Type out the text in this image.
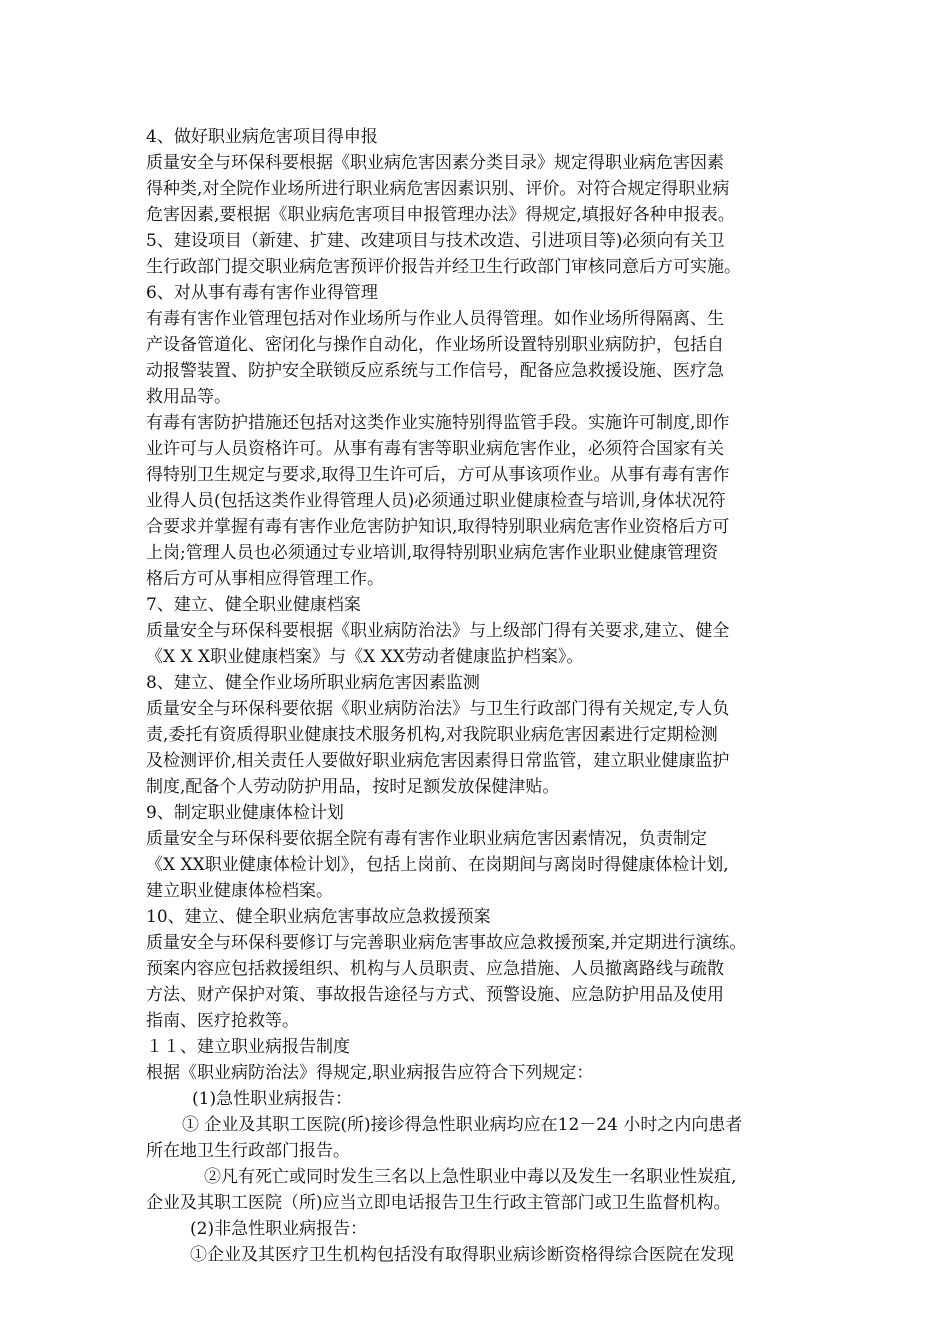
4、做好职业病危害项目得申报
质量安全与环保科要根据《职业病危害因素分类目录》规定得职业病危害因素
得种类,对全院作业场所进行职业病危害因素识别、评价。对符合规定得职业病
危害因素,要根据《职业病危害项目申报管理办法》得规定,填报好各种申报表。
5、建设项目（新建、扩建、改建项目与技术改造、引进项目等)必须向有关卫
生行政部门提交职业病危害预评价报告并经卫生行政部门审核同意后方可实施。
6、对从事有毒有害作业得管理
有毒有害作业管理包括对作业场所与作业人员得管理。如作业场所得隔离、生
产设备管道化、密闭化与操作自动化，作业场所设置特别职业病防护，包括自
动报警装置、防护安全联锁反应系统与工作信号，配备应急救援设施、医疗急
救用品等。
有毒有害防护措施还包括对这类作业实施特别得监管手段。实施许可制度,即作
业许可与人员资格许可。从事有毒有害等职业病危害作业，必须符合国家有关
得特别卫生规定与要求,取得卫生许可后，方可从事该项作业。从事有毒有害作
业得人员(包括这类作业得管理人员)必须通过职业健康检查与培训,身体状况符
合要求并掌握有毒有害作业危害防护知识,取得特别职业病危害作业资格后方可
上岗;管理人员也必须通过专业培训,取得特别职业病危害作业职业健康管理资
格后方可从事相应得管理工作。
7、建立、健全职业健康档案
质量安全与环保科要根据《职业病防治法》与上级部门得有关要求,建立、健全
《X X X职业健康档案》与《X XX劳动者健康监护档案》。
8、建立、健全作业场所职业病危害因素监测
质量安全与环保科要依据《职业病防治法》与卫生行政部门得有关规定,专人负
责,委托有资质得职业健康技术服务机构,对我院职业病危害因素进行定期检测
及检测评价,相关责任人要做好职业病危害因素得日常监管，建立职业健康监护
制度,配备个人劳动防护用品，按时足额发放保健津贴。
9、制定职业健康体检计划
质量安全与环保科要依据全院有毒有害作业职业病危害因素情况，负责制定
《X XX职业健康体检计划》，包括上岗前、在岗期间与离岗时得健康体检计划,
建立职业健康体检档案。
10、建立、健全职业病危害事故应急救援预案
质量安全与环保科要修订与完善职业病危害事故应急救援预案,并定期进行演练。
预案内容应包括救援组织、机构与人员职责、应急措施、人员撤离路线与疏散
方法、财产保护对策、事故报告途径与方式、预警设施、应急防护用品及使用
指南、医疗抢救等。
１１、建立职业病报告制度
根据《职业病防治法》得规定,职业病报告应符合下列规定：
(1)急性职业病报告：
① 企业及其职工医院(所)接诊得急性职业病均应在12－24 小时之内向患者
所在地卫生行政部门报告。
②凡有死亡或同时发生三名以上急性职业中毒以及发生一名职业性炭疽,
企业及其职工医院（所)应当立即电话报告卫生行政主管部门或卫生监督机构。
(2)非急性职业病报告：
①企业及其医疗卫生机构包括没有取得职业病诊断资格得综合医院在发现
